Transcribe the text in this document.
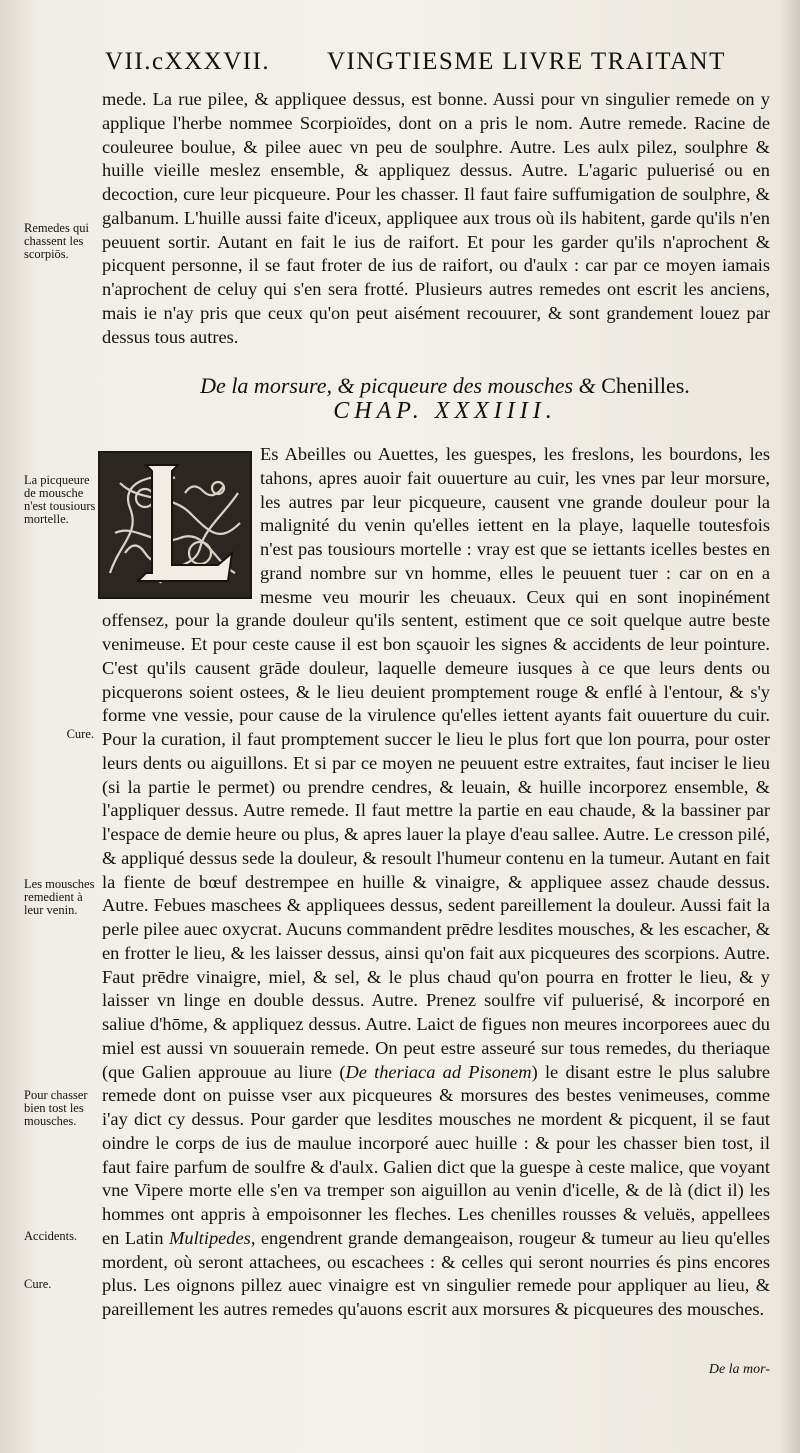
VII.cXXXVII. VINGTIESME LIVRE TRAITANT

mede. La rue pilee, & appliquee dessus, est bonne. Aussi pour vn singulier remede on y applique l'herbe nommee Scorpioïdes, dont on a pris le nom. Autre remede. Racine de couleuree boulue, & pilee auec vn peu de soulphre. Autre. Les aulx pilez, soulphre & huille vieille meslez ensemble, & appliquez dessus. Autre. L'agaric puluerisé ou en decoction, cure leur picqueure. Pour les chasser. Il faut faire suffumigation de soulphre, & galbanum. L'huille aussi faite d'iceux, appliquee aux trous où ils habitent, garde qu'ils n'en peuuent sortir. Autant en fait le ius de raifort. Et pour les garder qu'ils n'aprochent & picquent personne, il se faut froter de ius de raifort, ou d'aulx : car par ce moyen iamais n'aprochent de celuy qui s'en sera frotté. Plusieurs autres remedes ont escrit les anciens, mais ie n'ay pris que ceux qu'on peut aisément recouurer, & sont grandement louez par dessus tous autres.

De la morsure, & picqueure des mousches & Chenilles.
CHAP. XXXIIII.

Es Abeilles ou Auettes, les guespes, les freslons, les bourdons, les tahons, apres auoir fait ouuerture au cuir, les vnes par leur morsure, les autres par leur picqueure, causent vne grande douleur pour la malignité du venin qu'elles iettent en la playe, laquelle toutesfois n'est pas tousiours mortelle : vray est que se iettants icelles bestes en grand nombre sur vn homme, elles le peuuent tuer : car on en a mesme veu mourir les cheuaux. Ceux qui en sont inopinément offensez, pour la grande douleur qu'ils sentent, estiment que ce soit quelque autre beste venimeuse. Et pour ceste cause il est bon sçauoir les signes & accidents de leur pointure. C'est qu'ils causent grāde douleur, laquelle demeure iusques à ce que leurs dents ou picquerons soient ostees, & le lieu deuient promptement rouge & enflé à l'entour, & s'y forme vne vessie, pour cause de la virulence qu'elles iettent ayants fait ouuerture du cuir. Pour la curation, il faut promptement succer le lieu le plus fort que lon pourra, pour oster leurs dents ou aiguillons. Et si par ce moyen ne peuuent estre extraites, faut inciser le lieu (si la partie le permet) ou prendre cendres, & leuain, & huille incorporez ensemble, & l'appliquer dessus. Autre remede. Il faut mettre la partie en eau chaude, & la bassiner par l'espace de demie heure ou plus, & apres lauer la playe d'eau sallee. Autre. Le cresson pilé, & appliqué dessus sede la douleur, & resoult l'humeur contenu en la tumeur. Autant en fait la fiente de bœuf destrempee en huille & vinaigre, & appliquee assez chaude dessus. Autre. Febues maschees & appliquees dessus, sedent pareillement la douleur. Aussi fait la perle pilee auec oxycrat. Aucuns commandent prēdre lesdites mousches, & les escacher, & en frotter le lieu, & les laisser dessus, ainsi qu'on fait aux picqueures des scorpions. Autre. Faut prēdre vinaigre, miel, & sel, & le plus chaud qu'on pourra en frotter le lieu, & y laisser vn linge en double dessus. Autre. Prenez soulfre vif puluerisé, & incorporé en saliue d'hōme, & appliquez dessus. Autre. Laict de figues non meures incorporees auec du miel est aussi vn souuerain remede. On peut estre asseuré sur tous remedes, du theriaque (que Galien approuue au liure (De theriaca ad Pisonem) le disant estre le plus salubre remede dont on puisse vser aux picqueures & morsures des bestes venimeuses, comme i'ay dict cy dessus. Pour garder que lesdites mousches ne mordent & picquent, il se faut oindre le corps de ius de maulue incorporé auec huille : & pour les chasser bien tost, il faut faire parfum de soulfre & d'aulx. Galien dict que la guespe à ceste malice, que voyant vne Vipere morte elle s'en va tremper son aiguillon au venin d'icelle, & de là (dict il) les hommes ont appris à empoisonner les fleches. Les chenilles rousses & veluës, appellees en Latin Multipedes, engendrent grande demangeaison, rougeur & tumeur au lieu qu'elles mordent, où seront attachees, ou escachees : & celles qui seront nourries és pins encores plus. Les oignons pillez auec vinaigre est vn singulier remede pour appliquer au lieu, & pareillement les autres remedes qu'auons escrit aux morsures & picqueures des mousches.

Remedes qui chassent les scorpiōs.
La picqueure de mousche n'est tousiours mortelle.
Cure.
Les mousches remedient à leur venin.
Pour chasser bien tost les mousches.
Accidents.
Cure.
De la mor-
